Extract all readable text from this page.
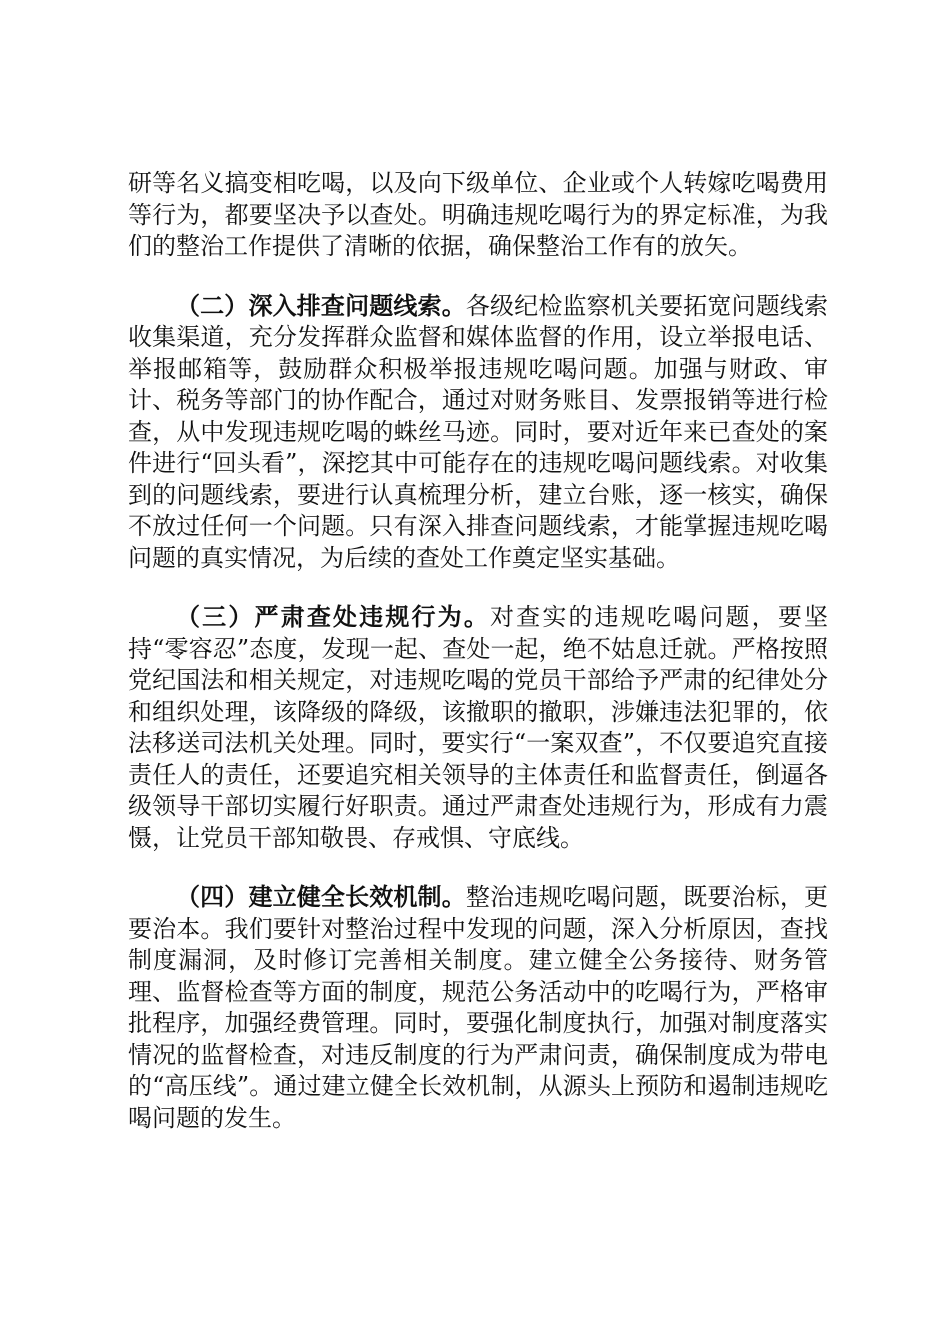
研等名义搞变相吃喝，以及向下级单位、企业或个人转嫁吃喝费用等行为，都要坚决予以查处。明确违规吃喝行为的界定标准，为我们的整治工作提供了清晰的依据，确保整治工作有的放矢。

（二）深入排查问题线索。各级纪检监察机关要拓宽问题线索收集渠道，充分发挥群众监督和媒体监督的作用，设立举报电话、举报邮箱等，鼓励群众积极举报违规吃喝问题。加强与财政、审计、税务等部门的协作配合，通过对财务账目、发票报销等进行检查，从中发现违规吃喝的蛛丝马迹。同时，要对近年来已查处的案件进行“回头看”，深挖其中可能存在的违规吃喝问题线索。对收集到的问题线索，要进行认真梳理分析，建立台账，逐一核实，确保不放过任何一个问题。只有深入排查问题线索，才能掌握违规吃喝问题的真实情况，为后续的查处工作奠定坚实基础。

（三）严肃查处违规行为。对查实的违规吃喝问题，要坚持“零容忍”态度，发现一起、查处一起，绝不姑息迁就。严格按照党纪国法和相关规定，对违规吃喝的党员干部给予严肃的纪律处分和组织处理，该降级的降级，该撤职的撤职，涉嫌违法犯罪的，依法移送司法机关处理。同时，要实行“一案双查”，不仅要追究直接责任人的责任，还要追究相关领导的主体责任和监督责任，倒逼各级领导干部切实履行好职责。通过严肃查处违规行为，形成有力震慑，让党员干部知敬畏、存戒惧、守底线。

（四）建立健全长效机制。整治违规吃喝问题，既要治标，更要治本。我们要针对整治过程中发现的问题，深入分析原因，查找制度漏洞，及时修订完善相关制度。建立健全公务接待、财务管理、监督检查等方面的制度，规范公务活动中的吃喝行为，严格审批程序，加强经费管理。同时，要强化制度执行，加强对制度落实情况的监督检查，对违反制度的行为严肃问责，确保制度成为带电的“高压线”。通过建立健全长效机制，从源头上预防和遏制违规吃喝问题的发生。
